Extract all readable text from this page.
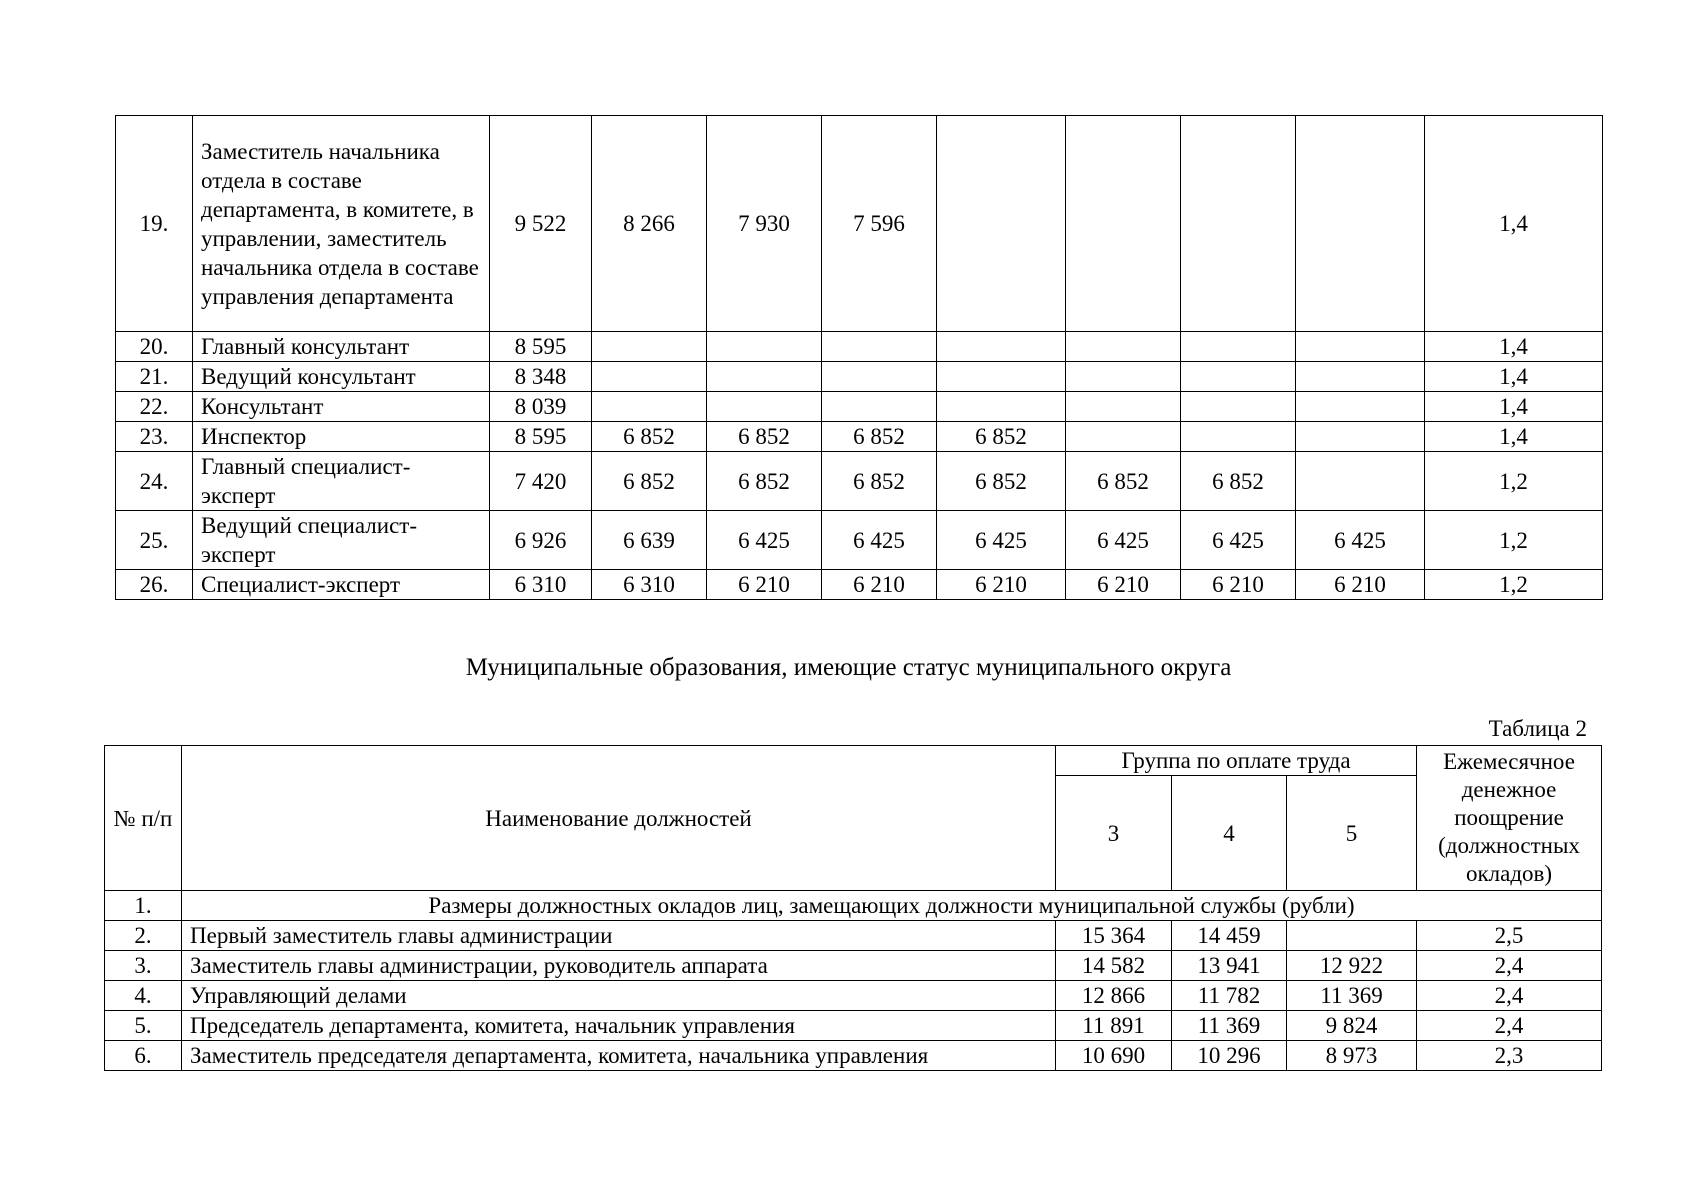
19.	Заместитель начальника отдела в составе департамента, в комитете, в управлении, заместитель начальника отдела в составе управления департамента	9 522	8 266	7 930	7 596					1,4
20.	Главный консультант	8 595								1,4
21.	Ведущий консультант	8 348								1,4
22.	Консультант	8 039								1,4
23.	Инспектор	8 595	6 852	6 852	6 852	6 852				1,4
24.	Главный специалист-эксперт	7 420	6 852	6 852	6 852	6 852	6 852	6 852		1,2
25.	Ведущий специалист-эксперт	6 926	6 639	6 425	6 425	6 425	6 425	6 425	6 425	1,2
26.	Специалист-эксперт	6 310	6 310	6 210	6 210	6 210	6 210	6 210	6 210	1,2
Муниципальные образования, имеющие статус муниципального округа
Таблица 2
№ п/п	Наименование должностей	Группа по оплате труда			Ежемесячное денежное поощрение (должностных окладов)
		3	4	5	
1.	Размеры должностных окладов лиц, замещающих должности муниципальной службы (рубли)				
2.	Первый заместитель главы администрации	15 364	14 459		2,5
3.	Заместитель главы администрации, руководитель аппарата	14 582	13 941	12 922	2,4
4.	Управляющий делами	12 866	11 782	11 369	2,4
5.	Председатель департамента, комитета, начальник управления	11 891	11 369	9 824	2,4
6.	Заместитель председателя департамента, комитета, начальника управления	10 690	10 296	8 973	2,3
